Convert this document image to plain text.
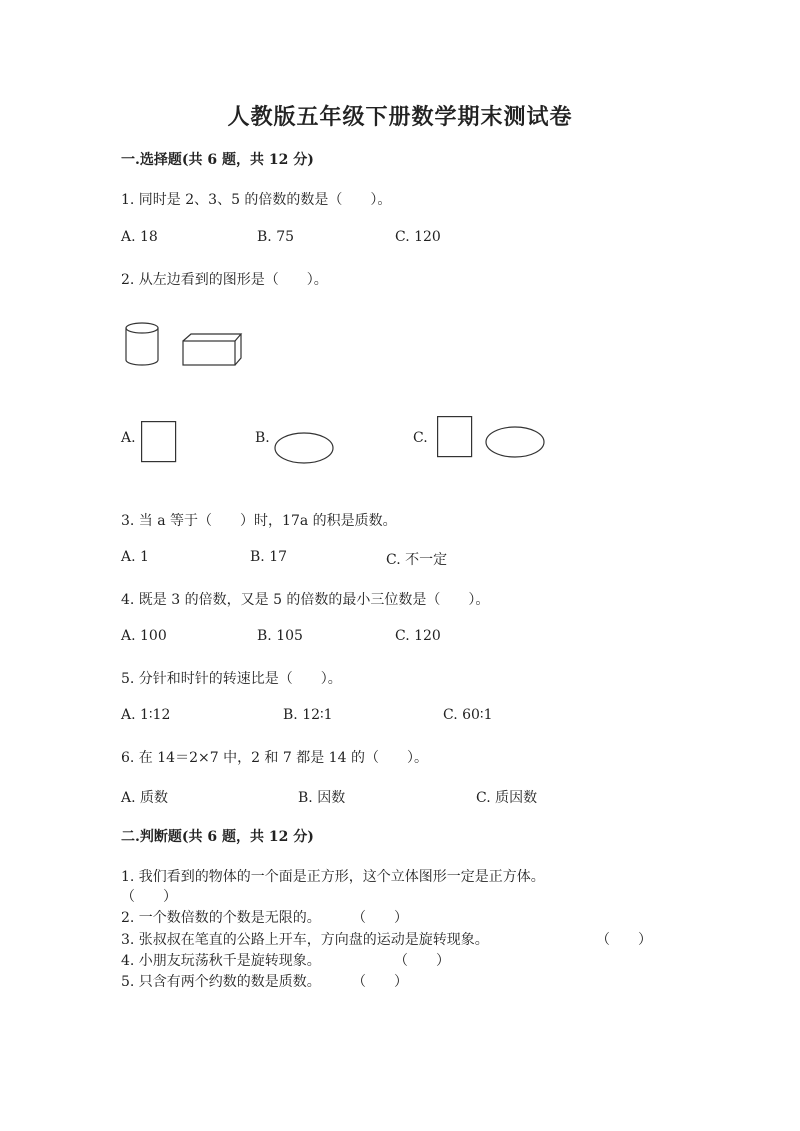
人教版五年级下册数学期末测试卷
一.选择题(共 6 题，共 12 分)
1. 同时是 2、3、5 的倍数的数是（　　）。
A. 18	B. 75	C. 120
2. 从左边看到的图形是（　　）。
A.	B.	C.
3. 当 a 等于（　　）时，17a 的积是质数。
A. 1	B. 17	C. 不一定
4. 既是 3 的倍数，又是 5 的倍数的最小三位数是（　　）。
A. 100	B. 105	C. 120
5. 分针和时针的转速比是（　　）。
A. 1∶12	B. 12∶1	C. 60∶1
6. 在 14＝2×7 中，2 和 7 都是 14 的（　　）。
A. 质数	B. 因数	C. 质因数
二.判断题(共 6 题，共 12 分)
1. 我们看到的物体的一个面是正方形，这个立体图形一定是正方体。
（　　）
2. 一个数倍数的个数是无限的。 （　　）
3. 张叔叔在笔直的公路上开车，方向盘的运动是旋转现象。	（　　）
4. 小朋友玩荡秋千是旋转现象。	（　　）
5. 只含有两个约数的数是质数。 （　　）
